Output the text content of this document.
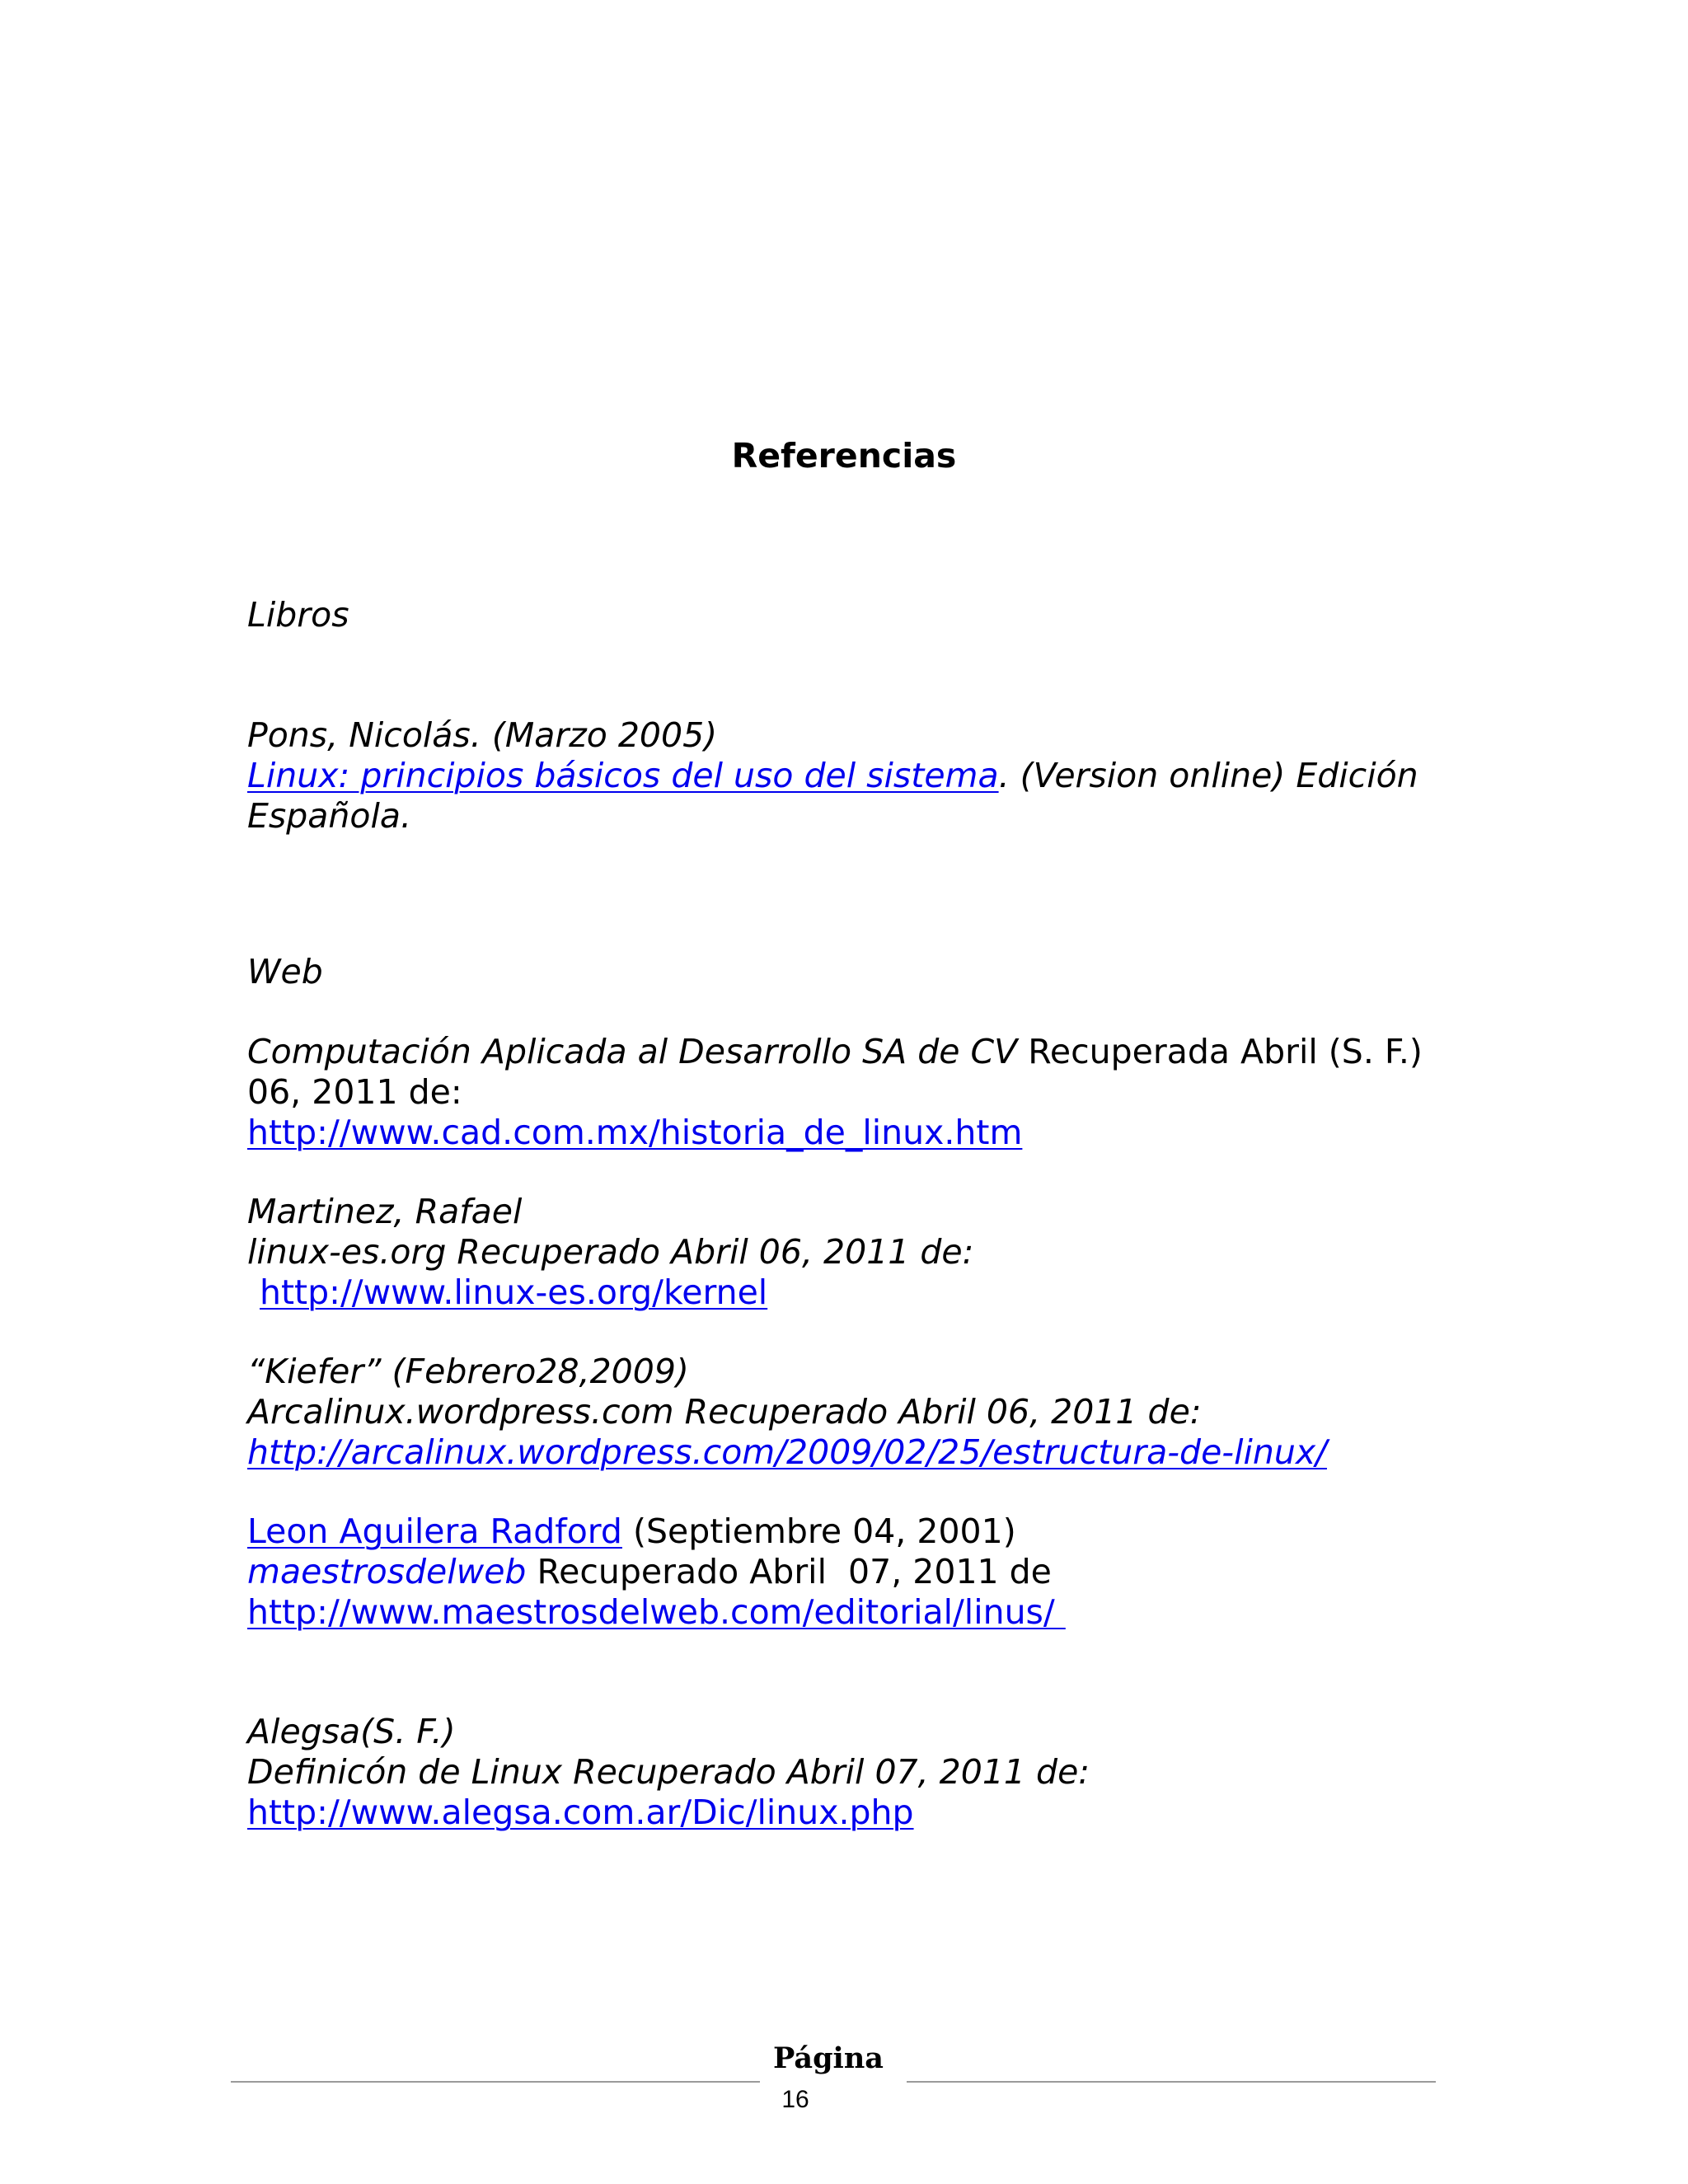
Referencias
Libros
Pons, Nicolás. (Marzo 2005)
Linux: principios básicos del uso del sistema. (Version online) Edición
Española.
Web
Computación Aplicada al Desarrollo SA de CV Recuperada Abril (S. F.)
06, 2011 de:
http://www.cad.com.mx/historia_de_linux.htm
Martinez, Rafael
linux-es.org Recuperado Abril 06, 2011 de:
http://www.linux-es.org/kernel
“Kiefer” (Febrero28,2009)
Arcalinux.wordpress.com Recuperado Abril 06, 2011 de:
http://arcalinux.wordpress.com/2009/02/25/estructura-de-linux/
Leon Aguilera Radford (Septiembre 04, 2001)
maestrosdelweb Recuperado Abril  07, 2011 de
http://www.maestrosdelweb.com/editorial/linus/
Alegsa(S. F.)
Definicón de Linux Recuperado Abril 07, 2011 de:
http://www.alegsa.com.ar/Dic/linux.php
Página
16
